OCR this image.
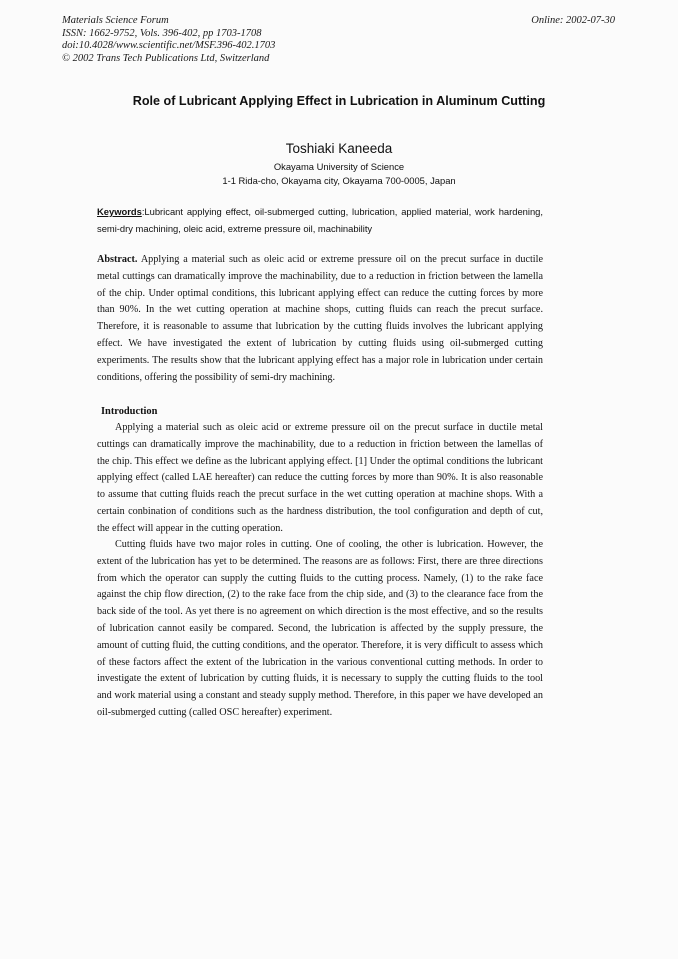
Materials Science Forum
ISSN: 1662-9752, Vols. 396-402, pp 1703-1708
doi:10.4028/www.scientific.net/MSF.396-402.1703
© 2002 Trans Tech Publications Ltd, Switzerland
Online: 2002-07-30
Role of Lubricant Applying Effect in Lubrication in Aluminum Cutting
Toshiaki Kaneeda
Okayama University of Science
1-1 Rida-cho, Okayama city, Okayama 700-0005, Japan
Keywords:Lubricant applying effect, oil-submerged cutting, lubrication, applied material, work hardening, semi-dry machining, oleic acid, extreme pressure oil, machinability
Abstract. Applying a material such as oleic acid or extreme pressure oil on the precut surface in ductile metal cuttings can dramatically improve the machinability, due to a reduction in friction between the lamella of the chip. Under optimal conditions, this lubricant applying effect can reduce the cutting forces by more than 90%. In the wet cutting operation at machine shops, cutting fluids can reach the precut surface. Therefore, it is reasonable to assume that lubrication by the cutting fluids involves the lubricant applying effect. We have investigated the extent of lubrication by cutting fluids using oil-submerged cutting experiments. The results show that the lubricant applying effect has a major role in lubrication under certain conditions, offering the possibility of semi-dry machining.
Introduction
Applying a material such as oleic acid or extreme pressure oil on the precut surface in ductile metal cuttings can dramatically improve the machinability, due to a reduction in friction between the lamellas of the chip. This effect we define as the lubricant applying effect. [1] Under the optimal conditions the lubricant applying effect (called LAE hereafter) can reduce the cutting forces by more than 90%. It is also reasonable to assume that cutting fluids reach the precut surface in the wet cutting operation at machine shops. With a certain conbination of conditions such as the hardness distribution, the tool configuration and depth of cut, the effect will appear in the cutting operation.
Cutting fluids have two major roles in cutting. One of cooling, the other is lubrication. However, the extent of the lubrication has yet to be determined. The reasons are as follows: First, there are three directions from which the operator can supply the cutting fluids to the cutting process. Namely, (1) to the rake face against the chip flow direction, (2) to the rake face from the chip side, and (3) to the clearance face from the back side of the tool. As yet there is no agreement on which direction is the most effective, and so the results of lubrication cannot easily be compared. Second, the lubrication is affected by the supply pressure, the amount of cutting fluid, the cutting conditions, and the operator. Therefore, it is very difficult to assess which of these factors affect the extent of the lubrication in the various conventional cutting methods. In order to investigate the extent of lubrication by cutting fluids, it is necessary to supply the cutting fluids to the tool and work material using a constant and steady supply method. Therefore, in this paper we have developed an oil-submerged cutting (called OSC hereafter) experiment.
